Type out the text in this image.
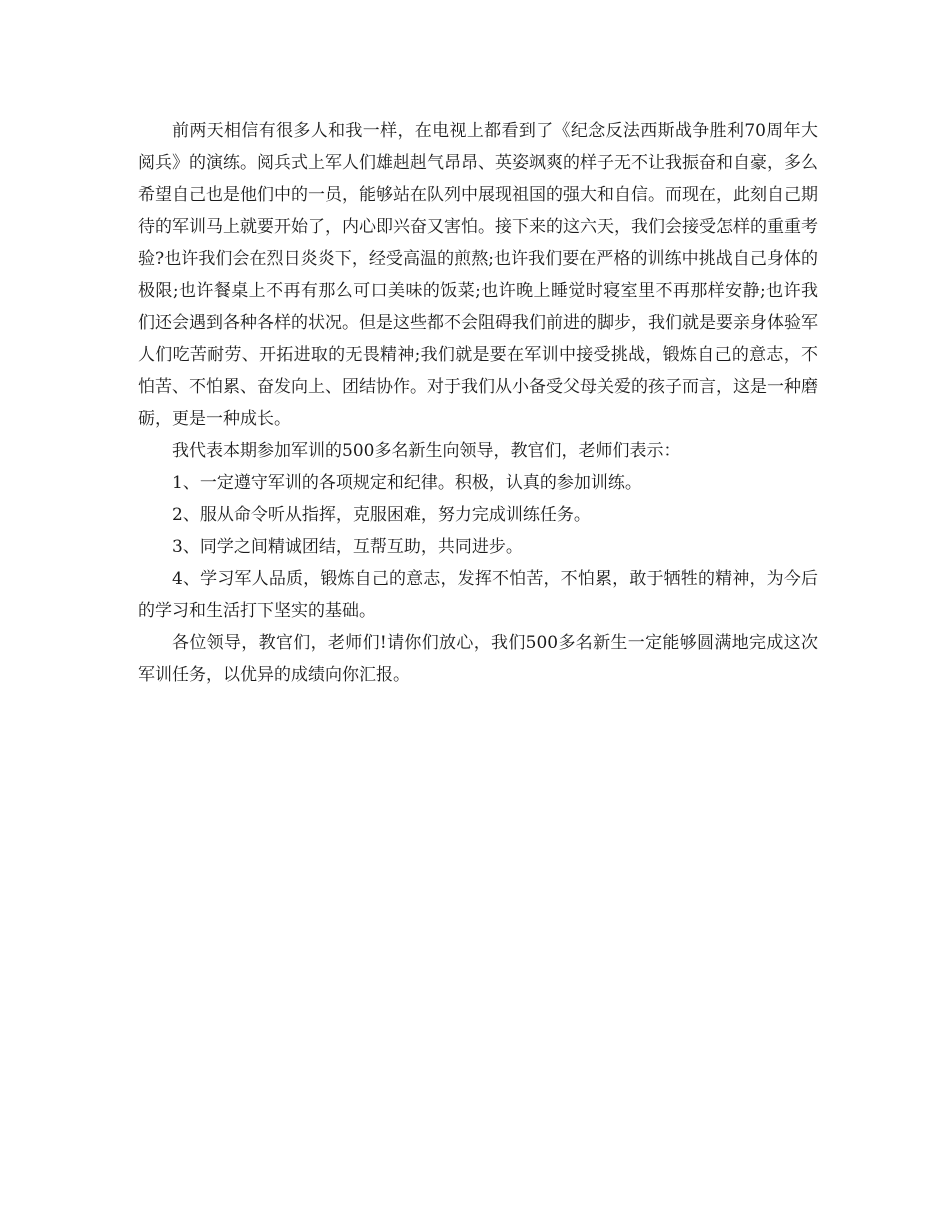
前两天相信有很多人和我一样，在电视上都看到了《纪念反法西斯战争胜利70周年大阅兵》的演练。阅兵式上军人们雄赳赳气昂昂、英姿飒爽的样子无不让我振奋和自豪，多么希望自己也是他们中的一员，能够站在队列中展现祖国的强大和自信。而现在，此刻自己期待的军训马上就要开始了，内心即兴奋又害怕。接下来的这六天，我们会接受怎样的重重考验?也许我们会在烈日炎炎下，经受高温的煎熬;也许我们要在严格的训练中挑战自己身体的极限;也许餐桌上不再有那么可口美味的饭菜;也许晚上睡觉时寝室里不再那样安静;也许我们还会遇到各种各样的状况。但是这些都不会阻碍我们前进的脚步，我们就是要亲身体验军人们吃苦耐劳、开拓进取的无畏精神;我们就是要在军训中接受挑战，锻炼自己的意志，不怕苦、不怕累、奋发向上、团结协作。对于我们从小备受父母关爱的孩子而言，这是一种磨砺，更是一种成长。

我代表本期参加军训的500多名新生向领导，教官们，老师们表示：

1、一定遵守军训的各项规定和纪律。积极，认真的参加训练。

2、服从命令听从指挥，克服困难，努力完成训练任务。

3、同学之间精诚团结，互帮互助，共同进步。

4、学习军人品质，锻炼自己的意志，发挥不怕苦，不怕累，敢于牺牲的精神，为今后的学习和生活打下坚实的基础。

各位领导，教官们，老师们!请你们放心，我们500多名新生一定能够圆满地完成这次军训任务，以优异的成绩向你汇报。
